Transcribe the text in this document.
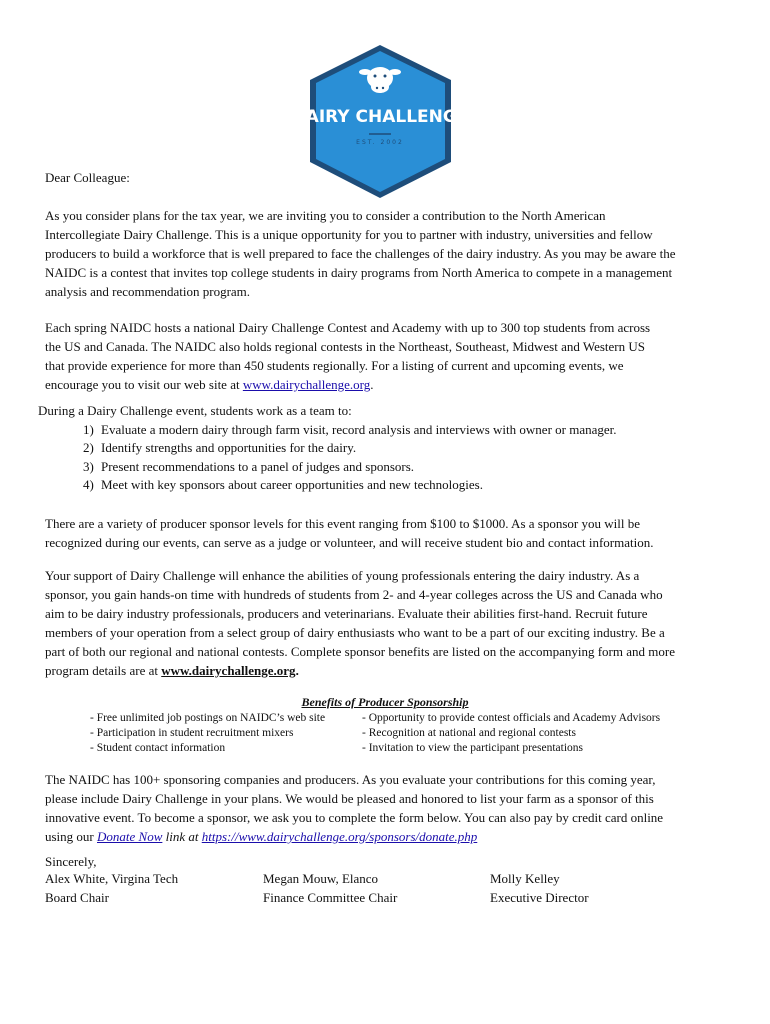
DAIRY CHALLENGE
EST. 2002
Dear Colleague:
As you consider plans for the tax year, we are inviting you to consider a contribution to the North American
Intercollegiate Dairy Challenge. This is a unique opportunity for you to partner with industry, universities and fellow
producers to build a workforce that is well prepared to face the challenges of the dairy industry. As you may be aware the
NAIDC is a contest that invites top college students in dairy programs from North America to compete in a management
analysis and recommendation program.
Each spring NAIDC hosts a national Dairy Challenge Contest and Academy with up to 300 top students from across
the US and Canada. The NAIDC also holds regional contests in the Northeast, Southeast, Midwest and Western US
that provide experience for more than 450 students regionally. For a listing of current and upcoming events, we
encourage you to visit our web site at www.dairychallenge.org.
During a Dairy Challenge event, students work as a team to:
1) Evaluate a modern dairy through farm visit, record analysis and interviews with owner or manager.
2) Identify strengths and opportunities for the dairy.
3) Present recommendations to a panel of judges and sponsors.
4) Meet with key sponsors about career opportunities and new technologies.
There are a variety of producer sponsor levels for this event ranging from $100 to $1000. As a sponsor you will be
recognized during our events, can serve as a judge or volunteer, and will receive student bio and contact information.
Your support of Dairy Challenge will enhance the abilities of young professionals entering the dairy industry. As a
sponsor, you gain hands-on time with hundreds of students from 2- and 4-year colleges across the US and Canada who
aim to be dairy industry professionals, producers and veterinarians. Evaluate their abilities first-hand. Recruit future
members of your operation from a select group of dairy enthusiasts who want to be a part of our exciting industry. Be a
part of both our regional and national contests. Complete sponsor benefits are listed on the accompanying form and more
program details are at www.dairychallenge.org.
Benefits of Producer Sponsorship
- Free unlimited job postings on NAIDC’s web site
- Participation in student recruitment mixers
- Student contact information
- Opportunity to provide contest officials and Academy Advisors
- Recognition at national and regional contests
- Invitation to view the participant presentations
The NAIDC has 100+ sponsoring companies and producers. As you evaluate your contributions for this coming year,
please include Dairy Challenge in your plans. We would be pleased and honored to list your farm as a sponsor of this
innovative event. To become a sponsor, we ask you to complete the form below. You can also pay by credit card online
using our Donate Now link at https://www.dairychallenge.org/sponsors/donate.php
Sincerely,
Alex White, Virgina Tech
Board Chair
Megan Mouw, Elanco
Finance Committee Chair
Molly Kelley
Executive Director
